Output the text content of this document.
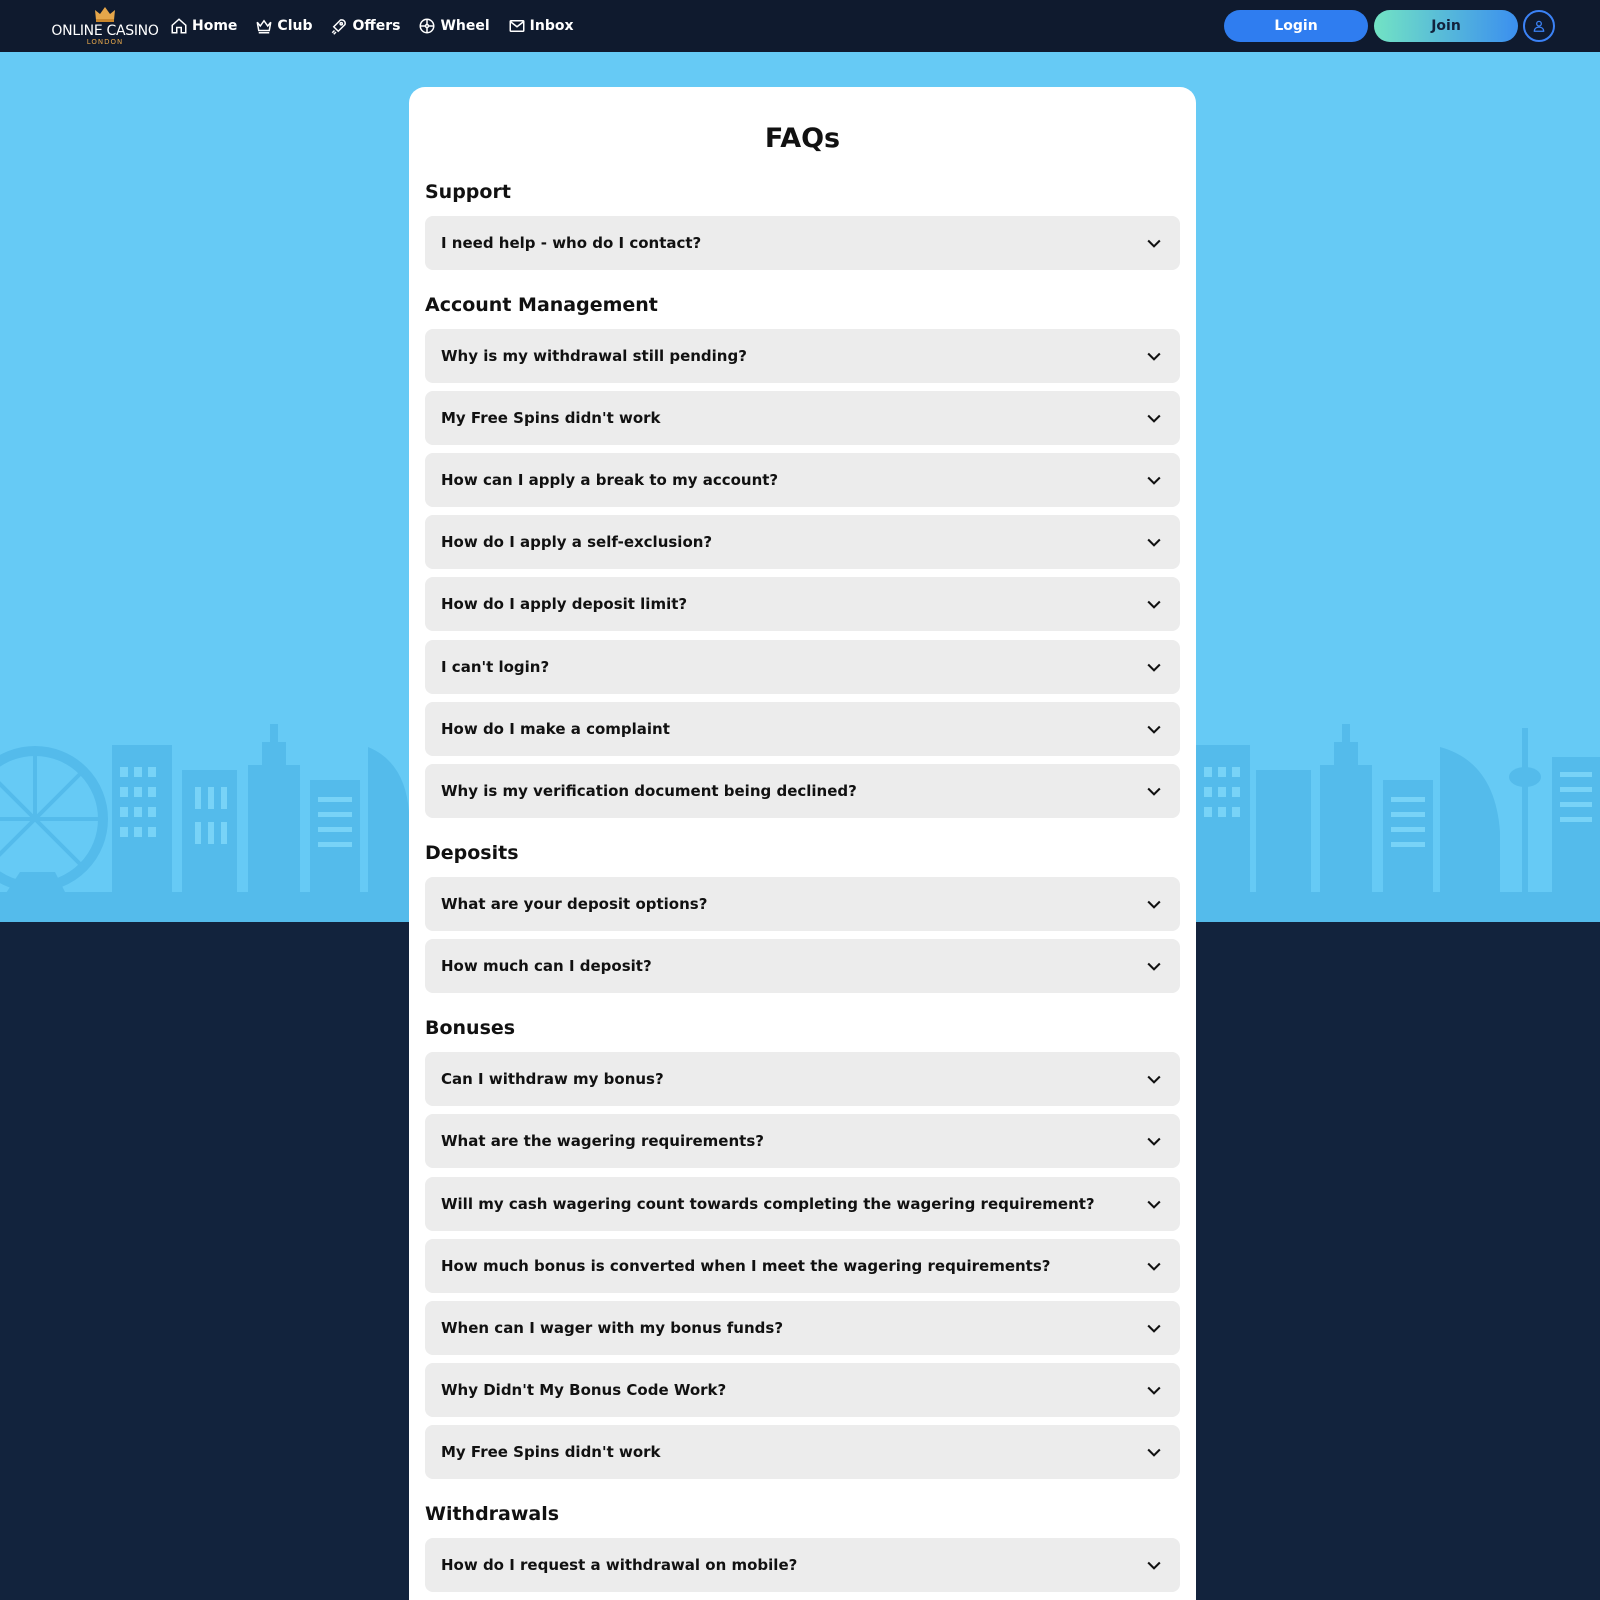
ONLINE CASINO
LONDON
Home	Club	Offers	Wheel	Inbox	Login	Join
FAQs
Support
I need help - who do I contact?
Account Management
Why is my withdrawal still pending?
My Free Spins didn't work
How can I apply a break to my account?
How do I apply a self-exclusion?
How do I apply deposit limit?
I can't login?
How do I make a complaint
Why is my verification document being declined?
Deposits
What are your deposit options?
How much can I deposit?
Bonuses
Can I withdraw my bonus?
What are the wagering requirements?
Will my cash wagering count towards completing the wagering requirement?
How much bonus is converted when I meet the wagering requirements?
When can I wager with my bonus funds?
Why Didn't My Bonus Code Work?
My Free Spins didn't work
Withdrawals
How do I request a withdrawal on mobile?
